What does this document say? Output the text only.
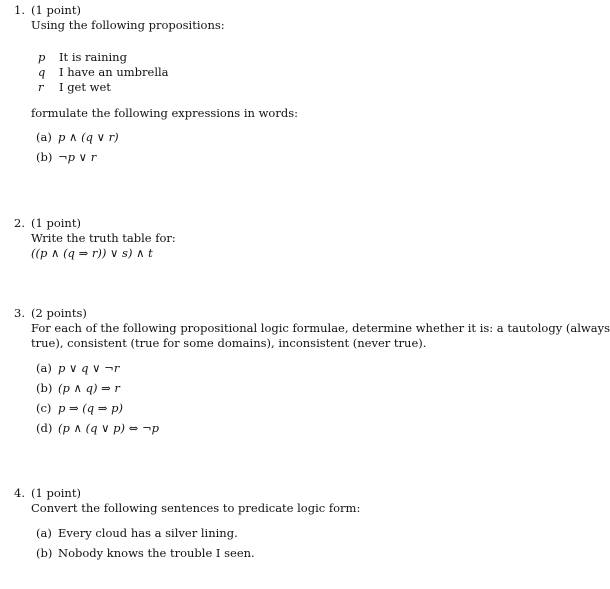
1. (1 point)
Using the following propositions:
p It is raining
q I have an umbrella
r	I get wet
formulate the following expressions in words:
(a) p ∧ (q ∨ r)
(b) ¬p ∨ r
2. (1 point)
Write the truth table for:
((p ∧ (q ⇒ r)) ∨ s) ∧ t
3. (2 points)
For each of the following propositional logic formulae, determine whether it is: a tautology (always
true), consistent (true for some domains), inconsistent (never true).
(a) p ∨ q ∨ ¬r
(b) (p ∧ q) ⇒ r
(c) p ⇒ (q ⇒ p)
(d) (p ∧ (q ∨ p) ⇔ ¬p
4. (1 point)
Convert the following sentences to predicate logic form:
(a) Every cloud has a silver lining.
(b) Nobody knows the trouble I seen.
